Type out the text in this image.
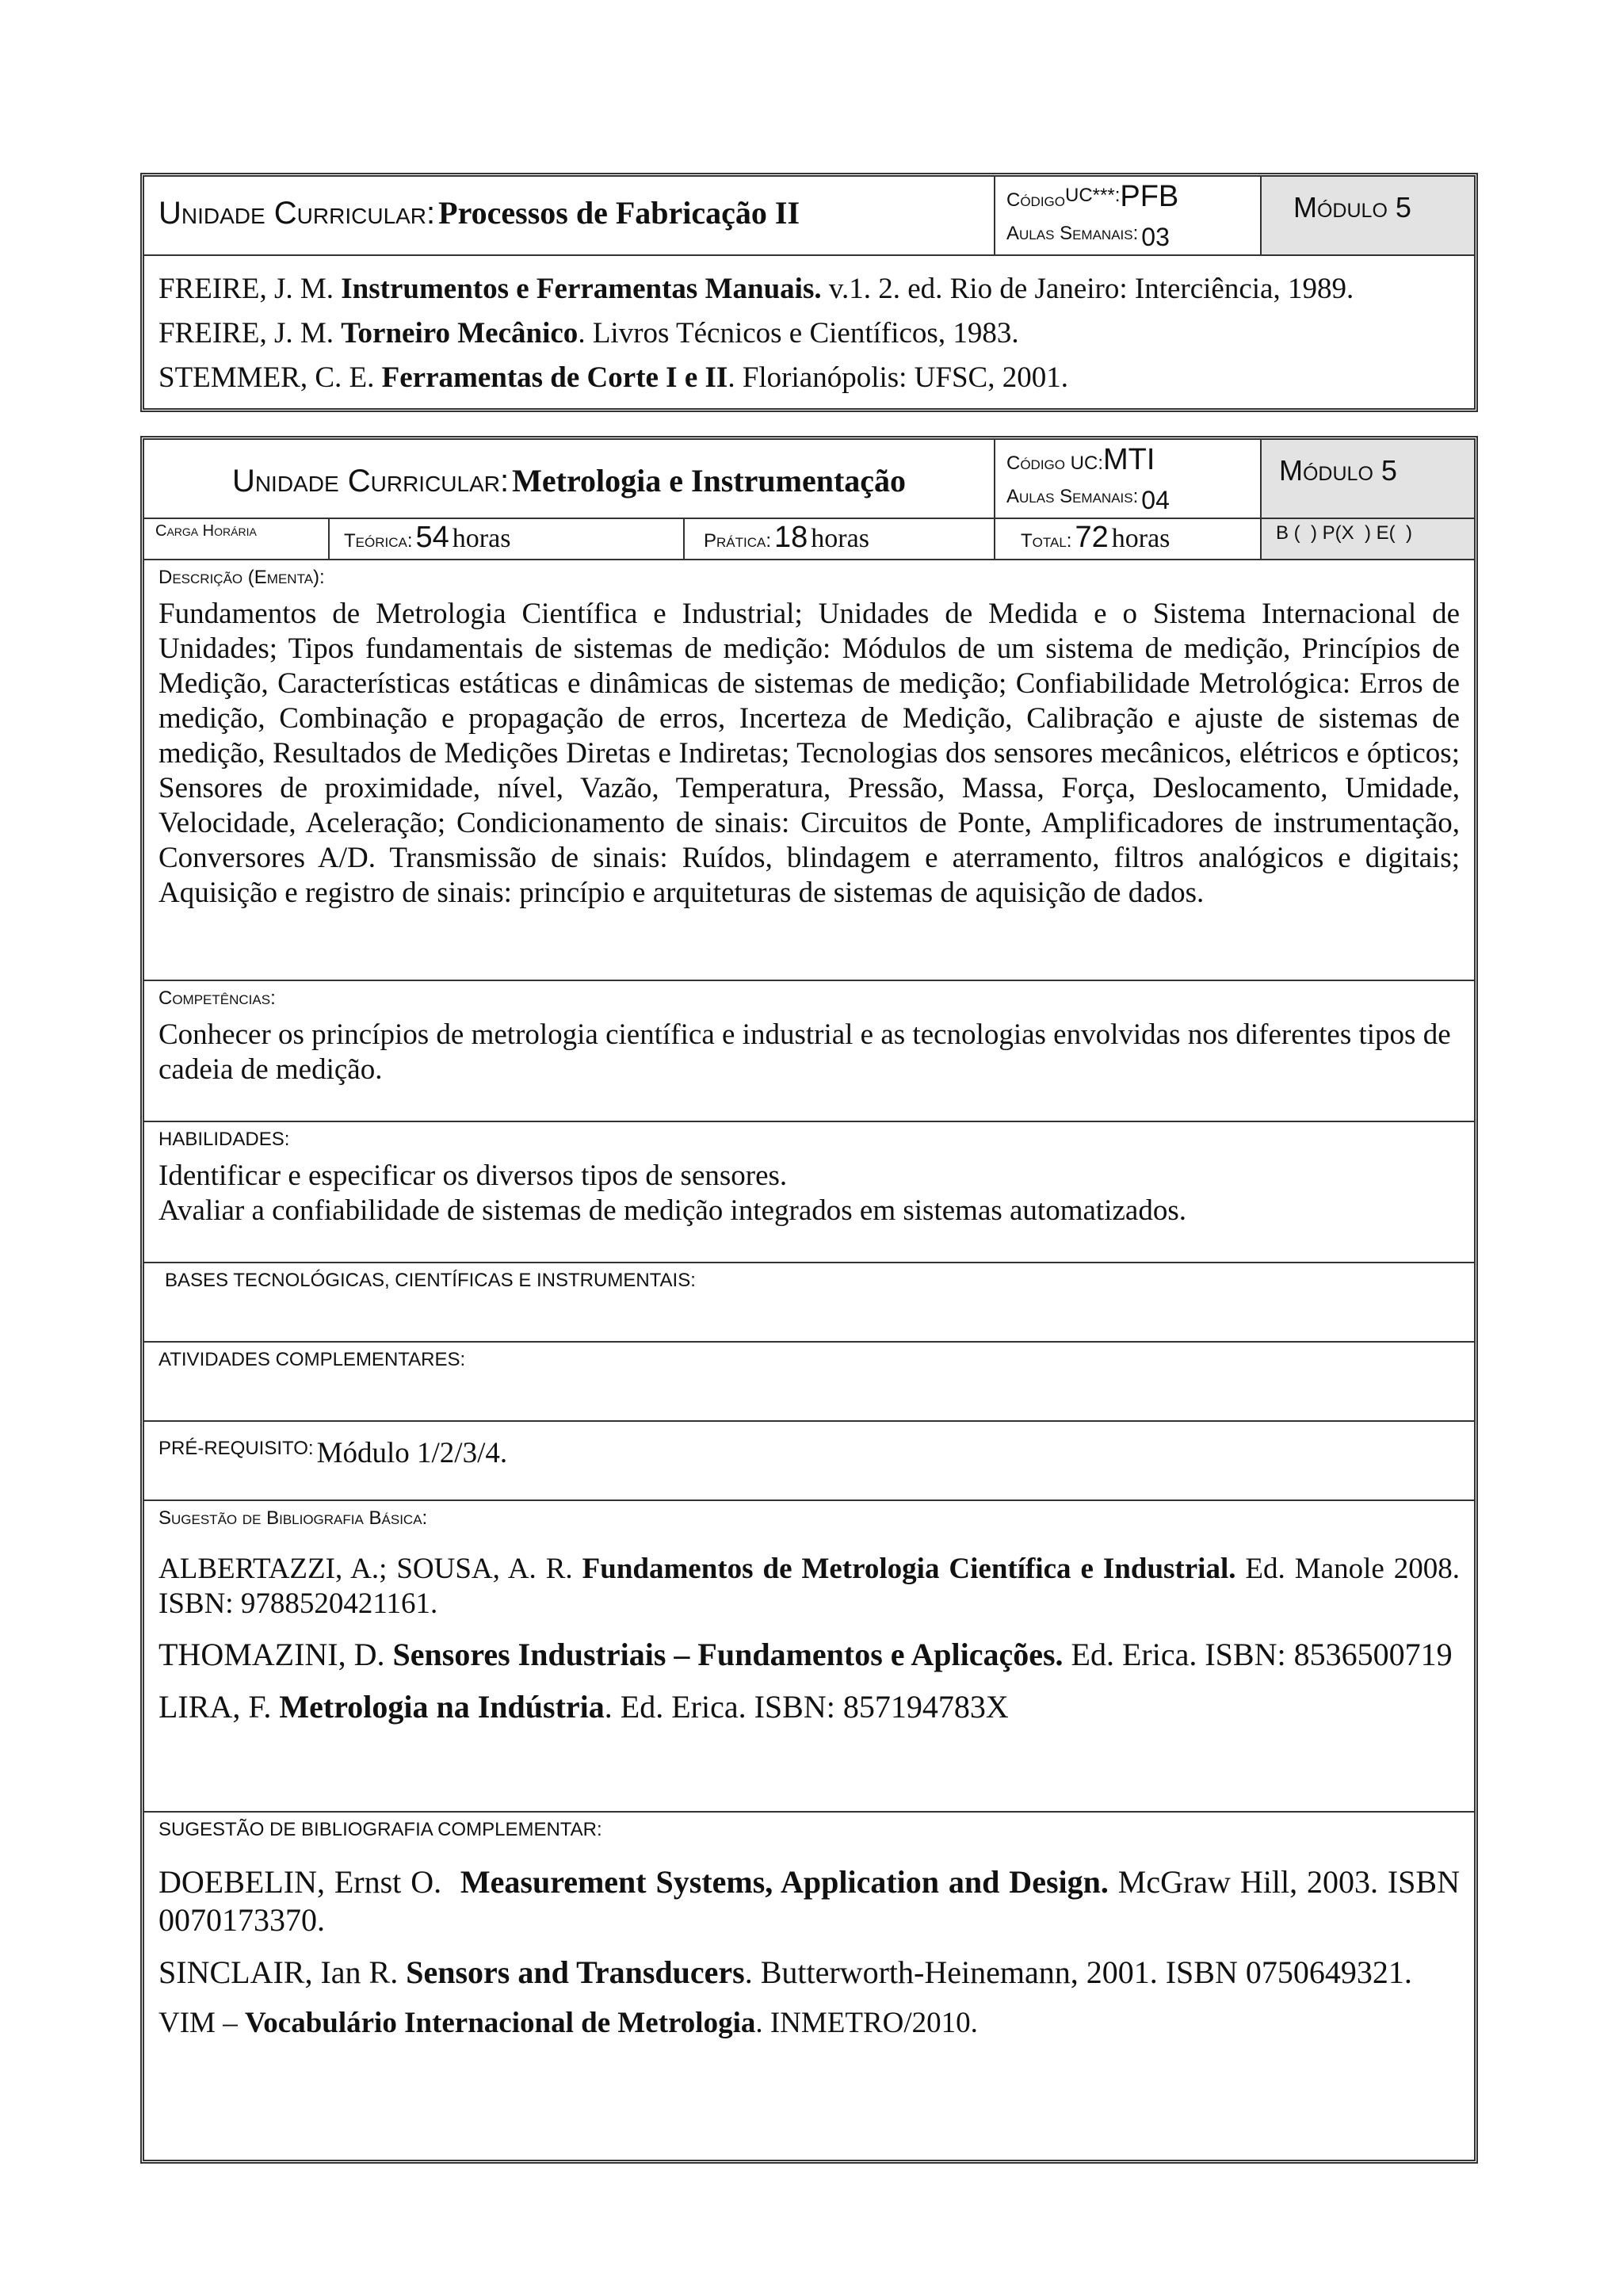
Unidade Curricular: Processos de Fabricação II	CódigoUC***:PFB
Aulas Semanais: 03
Módulo 5
FREIRE, J. M. Instrumentos e Ferramentas Manuais. v.1. 2. ed. Rio de Janeiro: Interciência, 1989.
FREIRE, J. M. Torneiro Mecânico. Livros Técnicos e Científicos, 1983.
STEMMER, C. E. Ferramentas de Corte I e II. Florianópolis: UFSC, 2001.
Unidade Curricular: Metrologia e Instrumentação	Código UC:MTI
Aulas Semanais: 04
Módulo 5
Carga Horária	Teórica: 54 horas	Prática: 18 horas	Total: 72 horas	B (  ) P(X  ) E(  )
Descrição (Ementa):
Fundamentos de Metrologia Científica e Industrial; Unidades de Medida e o Sistema Internacional de Unidades; Tipos fundamentais de sistemas de medição: Módulos de um sistema de medição, Princípios de Medição, Características estáticas e dinâmicas de sistemas de medição; Confiabilidade Metrológica: Erros de medição, Combinação e propagação de erros, Incerteza de Medição, Calibração e ajuste de sistemas de medição, Resultados de Medições Diretas e Indiretas; Tecnologias dos sensores mecânicos, elétricos e ópticos; Sensores de proximidade, nível, Vazão, Temperatura, Pressão, Massa, Força, Deslocamento, Umidade, Velocidade, Aceleração; Condicionamento de sinais: Circuitos de Ponte, Amplificadores de instrumentação, Conversores A/D. Transmissão de sinais: Ruídos, blindagem e aterramento, filtros analógicos e digitais; Aquisição e registro de sinais: princípio e arquiteturas de sistemas de aquisição de dados.
Competências:
Conhecer os princípios de metrologia científica e industrial e as tecnologias envolvidas nos diferentes tipos de cadeia de medição.
HABILIDADES:
Identificar e especificar os diversos tipos de sensores.
Avaliar a confiabilidade de sistemas de medição integrados em sistemas automatizados.
BASES TECNOLÓGICAS, CIENTÍFICAS E INSTRUMENTAIS:
ATIVIDADES COMPLEMENTARES:
PRÉ-REQUISITO: Módulo 1/2/3/4.
Sugestão de Bibliografia Básica:
ALBERTAZZI, A.; SOUSA, A. R. Fundamentos de Metrologia Científica e Industrial. Ed. Manole 2008. ISBN: 9788520421161.
THOMAZINI, D. Sensores Industriais – Fundamentos e Aplicações. Ed. Erica. ISBN: 8536500719
LIRA, F. Metrologia na Indústria. Ed. Erica. ISBN: 857194783X
SUGESTÃO DE BIBLIOGRAFIA COMPLEMENTAR:
DOEBELIN, Ernst O.  Measurement Systems, Application and Design. McGraw Hill, 2003. ISBN 0070173370.
SINCLAIR, Ian R. Sensors and Transducers. Butterworth-Heinemann, 2001. ISBN 0750649321.
VIM – Vocabulário Internacional de Metrologia. INMETRO/2010.
